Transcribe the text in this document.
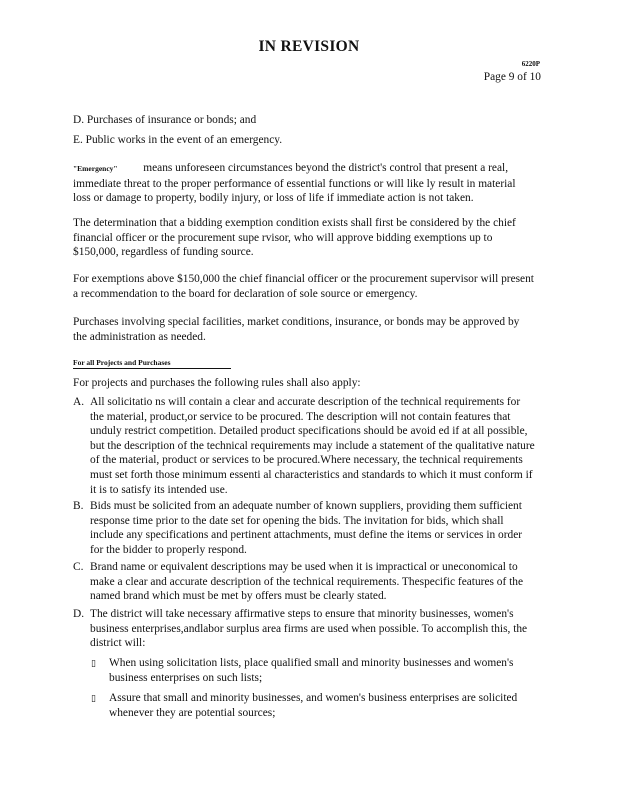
IN REVISION
6220P
Page 9 of 10
D. Purchases of insurance or bonds; and
E. Public works in the event of an emergency.
"Emergency" means unforeseen circumstances beyond the district's control that present a real, immediate threat to the proper performance of essential functions or will like ly result in material loss or damage to property, bodily injury, or loss of life if immediate action is not taken.
The determination that a bidding exemption condition exists shall first be considered by the chief financial officer or the procurement supe rvisor, who will approve bidding exemptions up to $150,000, regardless of funding source.
For exemptions above $150,000 the chief financial officer or the procurement supervisor will present a recommendation to the board for declaration of sole source or emergency.
Purchases involving special facilities, market conditions, insurance, or bonds may be approved by the administration as needed.
For all Projects and Purchases
For projects and purchases the following rules shall also apply:
A. All solicitatio ns will contain a clear and accurate description of the technical requirements for the material, product,or service to be procured. The description will not contain features that unduly restrict competition. Detailed product specifications should be avoid ed if at all possible, but the description of the technical requirements may include a statement of the qualitative nature of the material, product or services to be procured.Where necessary, the technical requirements must set forth those minimum essenti al characteristics and standards to which it must conform if it is to satisfy its intended use.
B. Bids must be solicited from an adequate number of known suppliers, providing them sufficient response time prior to the date set for opening the bids. The invitation for bids, which shall include any specifications and pertinent attachments, must define the items or services in order for the bidder to properly respond.
C. Brand name or equivalent descriptions may be used when it is impractical or uneconomical to make a clear and accurate description of the technical requirements. Thespecific features of the named brand which must be met by offers must be clearly stated.
D. The district will take necessary affirmative steps to ensure that minority businesses, women's business enterprises,andlabor surplus area firms are used when possible. To accomplish this, the district will:
▯ When using solicitation lists, place qualified small and minority businesses and women's business enterprises on such lists;
▯ Assure that small and minority businesses, and women's business enterprises are solicited whenever they are potential sources;
